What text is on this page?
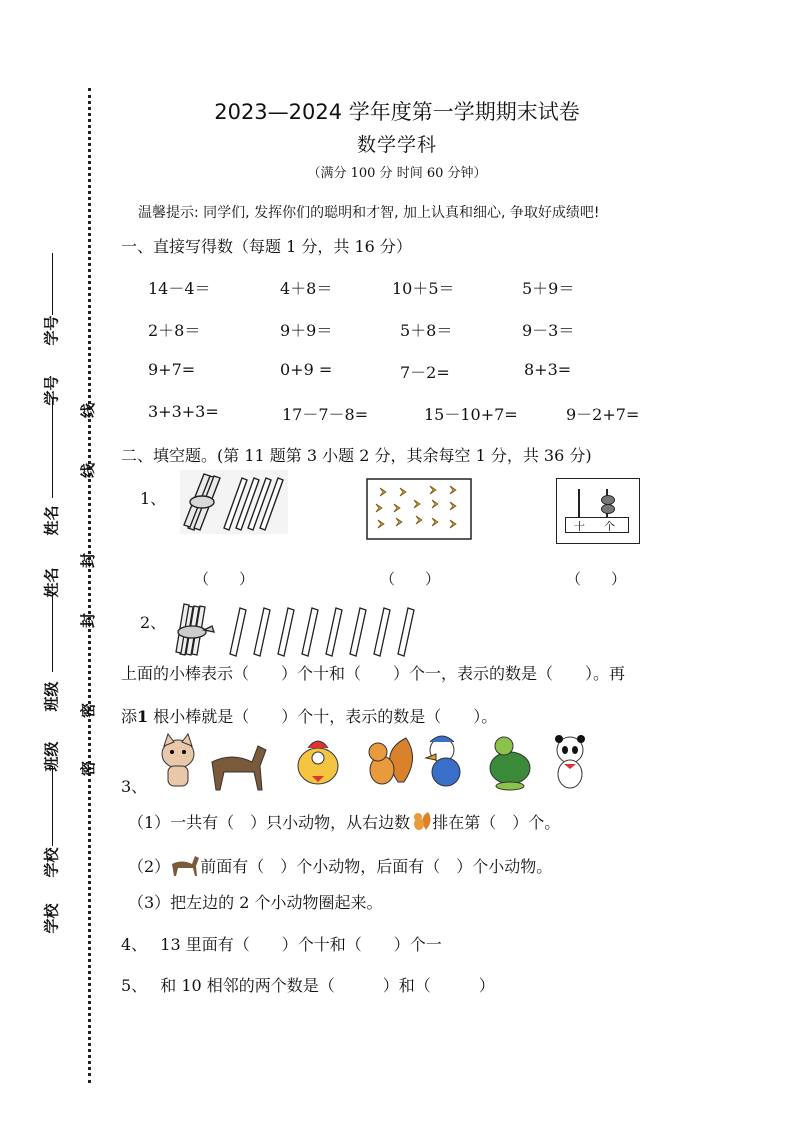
学号
学号
姓名
姓名
班级
班级
学校
学校
线
线
封
封
密
密
2023—2024 学年度第一学期期末试卷
数学学科
（满分 100 分 时间 60 分钟）
温馨提示: 同学们, 发挥你们的聪明和才智, 加上认真和细心, 争取好成绩吧!
一、直接写得数（每题 1 分，共 16 分）
14－4＝	4＋8＝	10＋5＝	5＋9＝
2＋8＝	9＋9＝	5＋8＝	9－3＝
9+7=	0+9 =	7－2=	8+3=
3+3+3=	17－7－8=	15－10+7=	9－2+7=
二、填空题。(第 11 题第 3 小题 2 分，其余每空 1 分，共 36 分)
1、
十 个
（　　）	（　　）	（　　）
2、
上面的小棒表示（　　）个十和（　　）个一，表示的数是（　　）。再
添1 根小棒就是（　　）个十，表示的数是（　　）。
3、
（1）一共有（　）只小动物，从右边数 排在第（　）个。
（2） 前面有（　）个小动物，后面有（　）个小动物。
（3）把左边的 2 个小动物圈起来。
4、　 13 里面有（　　）个十和（　　）个一
5、　 和 10 相邻的两个数是（　　　）和（　　　）
